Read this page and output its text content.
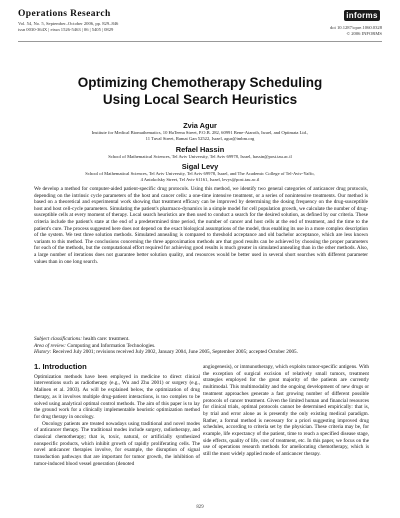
Operations Research
Vol. 54, No. 5, September–October 2006, pp. 829–846
issn 0030-364X | eissn 1526-5463 | 06 | 5405 | 0829
informs
doi 10.1287/opre.1060.0328
© 2006 INFORMS
Optimizing Chemotherapy Scheduling
Using Local Search Heuristics
Zvia Agur
Institute for Medical Biomathematics, 10 HaTeena Street, P.O.B. 282, 60991 Bene-Ataroth, Israel, and Optimata Ltd.,
11 Tuval Street, Ramat Gan 52522, Israel, agur@imbm.org
Refael Hassin
School of Mathematical Sciences, Tel Aviv University, Tel Aviv 69978, Israel, hassin@post.tau.ac.il
Sigal Levy
School of Mathematical Sciences, Tel Aviv University, Tel Aviv 69978, Israel, and The Academic College of Tel-Aviv-Yaffo,
4 Antokolsky Street, Tel Aviv 61161, Israel, levys@post.tau.ac.il
We develop a method for computer-aided patient-specific drug protocols. Using this method, we identify two general categories of anticancer drug protocols, depending on the intrinsic cycle parameters of the host and cancer cells: a one-time intensive treatment, or a series of nonintensive treatments. Our method is based on a theoretical and experimental work showing that treatment efficacy can be improved by determining the dosing frequency on the drug-susceptible host and host cell-cycle parameters. Simulating the patient's pharmaco-dynamics in a simple model for cell population growth, we calculate the number of drug-susceptible cells at every moment of therapy. Local search heuristics are then used to conduct a search for the desired solution, as defined by our criteria. These criteria include the patient's state at the end of a predetermined time period, the number of cancer and host cells at the end of treatment, and the time to the patient's cure. The process suggested here does not depend on the exact biological assumptions of the model, thus enabling its use in a more complex description of the system. We test three solution methods. Simulated annealing is compared to threshold acceptance and old bachelor acceptance, which are less known variants to this method. The conclusions concerning the three approximation methods are that good results can be achieved by choosing the proper parameters for each of the methods, but the computational effort required for achieving good results is much greater in simulated annealing than in the other methods. Also, a large number of iterations does not guarantee better solution quality, and resources would be better used in several short searches with different parameter values than in one long search.
Subject classifications: health care: treatment.
Area of review: Computing and Information Technologies.
History: Received July 2001; revisions received July 2002, January 2004, June 2005, September 2005; accepted October 2005.
1. Introduction

Optimization methods have been employed in medicine to direct clinical interventions such as radiotherapy (e.g., Wu and Zhu 2001) or surgery (e.g., Malinen et al. 2003). As will be explained below, the optimization of drug therapy, as it involves multiple drug-patient interactions, is too complex to be solved using analytical optimal control methods. The aim of this paper is to lay the ground work for a clinically implementable heuristic optimization method for drug therapy in oncology.

Oncology patients are treated nowadays using traditional and novel modes of anticancer therapy. The traditional modes include surgery, radiotherapy, and classical chemotherapy; that is, toxic, natural, or artificially synthesized nonspecific products, which inhibit growth of rapidly proliferating cells. The novel anticancer therapies involve, for example, the disruption of signal transduction pathways that are important for tumor growth, the inhibition of tumor-induced blood vessel generation (denoted

angiogenesis), or immunotherapy, which exploits tumor-specific antigens. With the exception of surgical excision of relatively small tumors, treatment strategies employed for the great majority of the patients are currently multimodal. This multimodality and the ongoing development of new drugs or treatment approaches generate a fast growing number of different possible protocols of cancer treatment. Given the limited human and financial resources for clinical trials, optimal protocols cannot be determined empirically: that is, by trial and error alone as is presently the only existing medical paradigm. Rather, a formal method is necessary for a priori suggesting improved drug schedules, according to criteria set by the physician. These criteria may be, for example, life expectancy of the patient, time to reach a specified disease stage, side effects, quality of life, cost of treatment, etc. In this paper, we focus on the use of operations research methods for ameliorating chemotherapy, which is still the most widely applied mode of anticancer therapy.

829
